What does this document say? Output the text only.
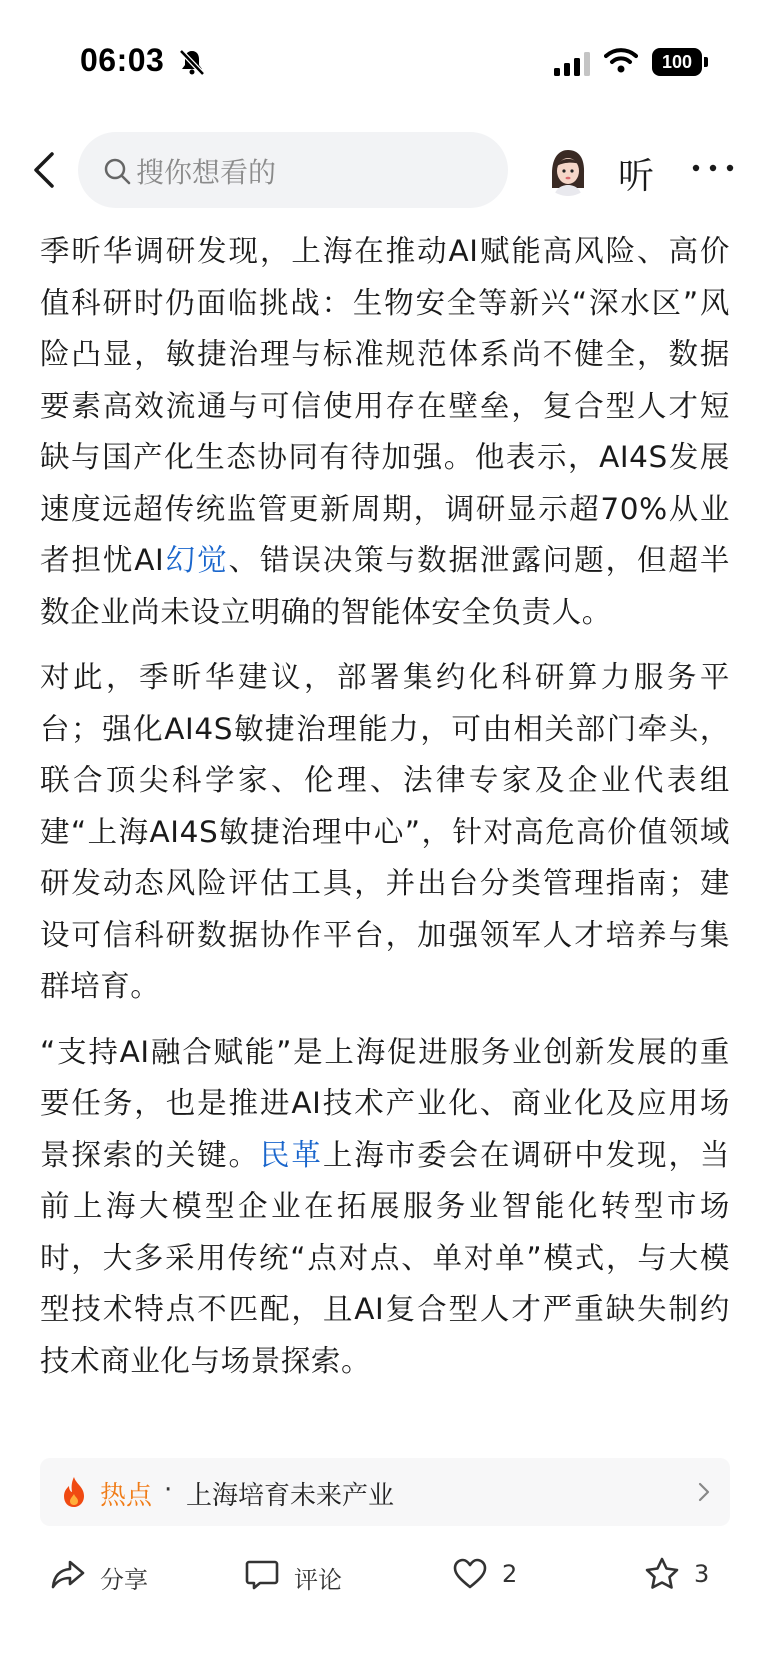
06:03	100
搜你想看的	听

季昕华调研发现，上海在推动AI赋能高风险、高价值科研时仍面临挑战：生物安全等新兴“深水区”风险凸显，敏捷治理与标准规范体系尚不健全，数据要素高效流通与可信使用存在壁垒，复合型人才短缺与国产化生态协同有待加强。他表示，AI4S发展速度远超传统监管更新周期，调研显示超70%从业者担忧AI幻觉、错误决策与数据泄露问题，但超半数企业尚未设立明确的智能体安全负责人。

对此，季昕华建议，部署集约化科研算力服务平台；强化AI4S敏捷治理能力，可由相关部门牵头，联合顶尖科学家、伦理、法律专家及企业代表组建“上海AI4S敏捷治理中心”，针对高危高价值领域研发动态风险评估工具，并出台分类管理指南；建设可信科研数据协作平台，加强领军人才培养与集群培育。

“支持AI融合赋能”是上海促进服务业创新发展的重要任务，也是推进AI技术产业化、商业化及应用场景探索的关键。民革上海市委会在调研中发现，当前上海大模型企业在拓展服务业智能化转型市场时，大多采用传统“点对点、单对单”模式，与大模型技术特点不匹配，且AI复合型人才严重缺失制约技术商业化与场景探索。

热点 · 上海培育未来产业
分享	评论	2	3
